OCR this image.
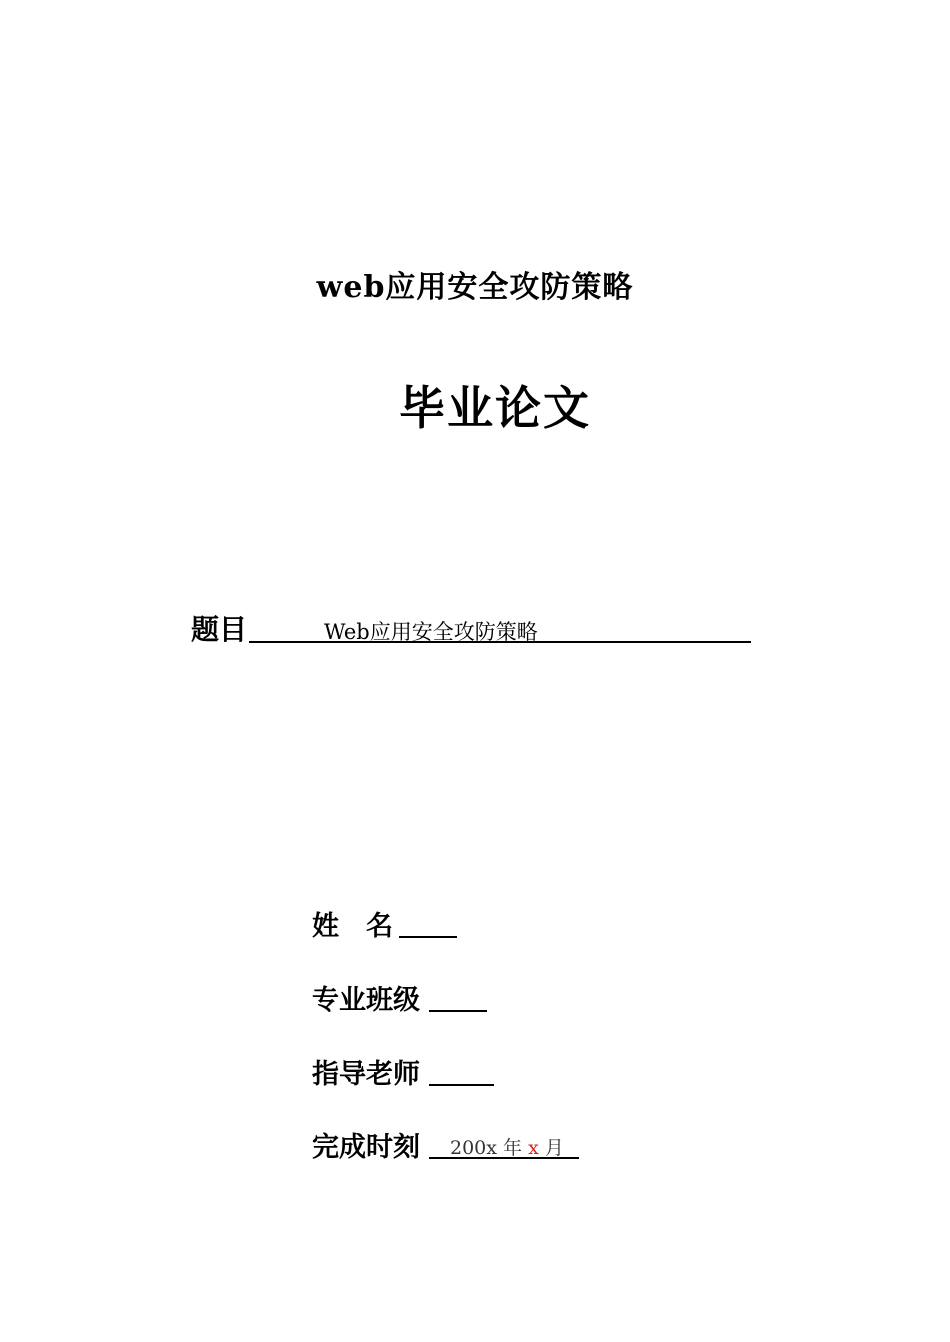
web应用安全攻防策略
毕业论文
题目	Web应用安全攻防策略
姓　名
专业班级
指导老师
完成时刻 200x 年 x 月
